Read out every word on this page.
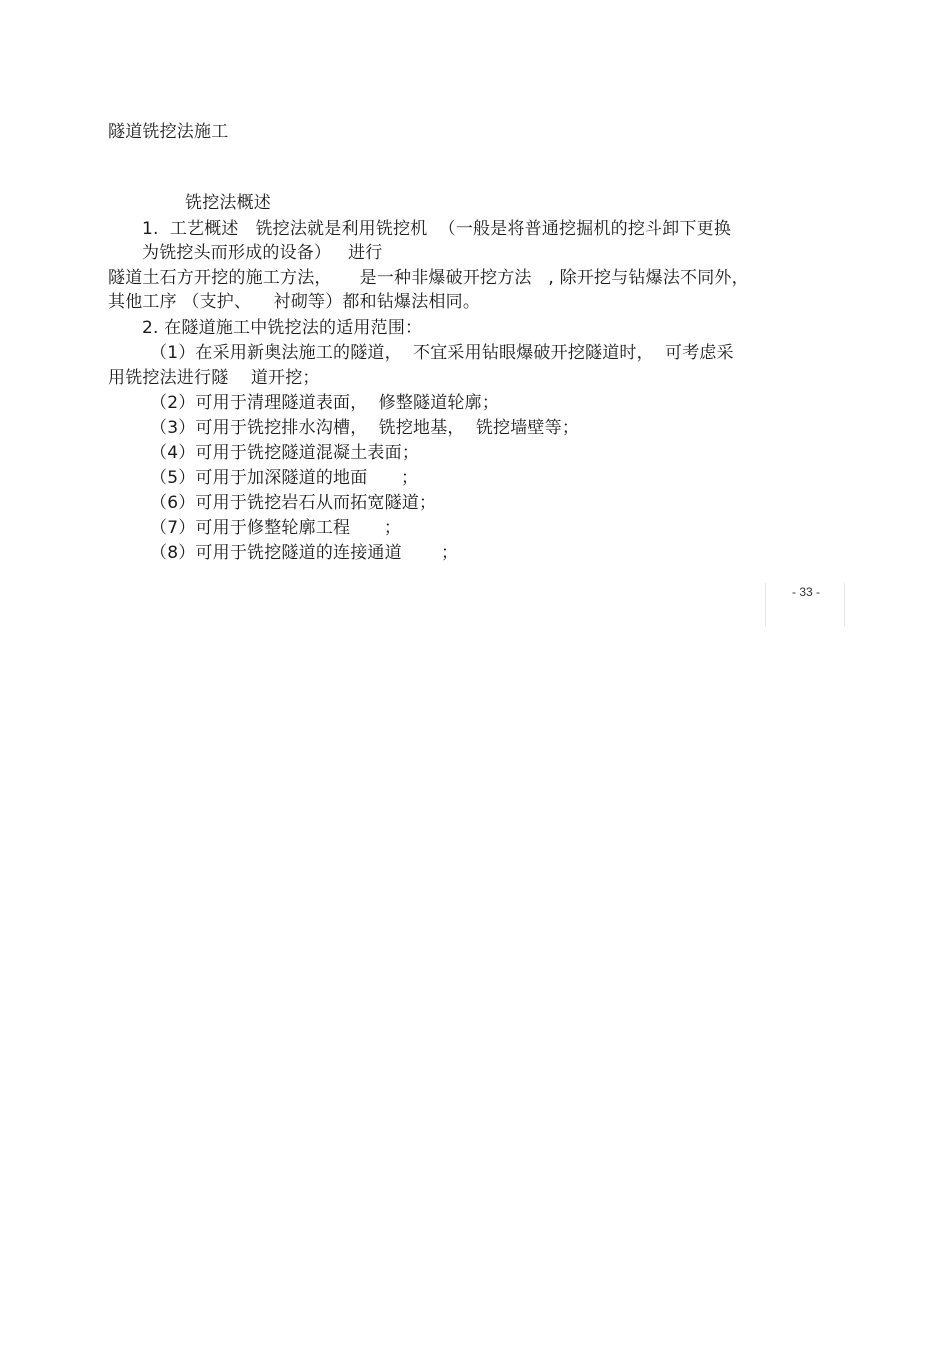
隧道铣挖法施工
铣挖法概述
1.  工艺概述   铣挖法就是利用铣挖机  （一般是将普通挖掘机的挖斗卸下更换
为铣挖头而形成的设备）   进行
隧道土石方开挖的施工方法，     是一种非爆破开挖方法   , 除开挖与钻爆法不同外，
其他工序 （支护、    衬砌等）都和钻爆法相同。
2. 在隧道施工中铣挖法的适用范围：
（1）在采用新奥法施工的隧道，  不宜采用钻眼爆破开挖隧道时，  可考虑采
用铣挖法进行隧    道开挖；
（2）可用于清理隧道表面，  修整隧道轮廓；
（3）可用于铣挖排水沟槽，  铣挖地基，  铣挖墙壁等；
（4）可用于铣挖隧道混凝土表面；
（5）可用于加深隧道的地面      ；
（6）可用于铣挖岩石从而拓宽隧道；
（7）可用于修整轮廓工程      ；
（8）可用于铣挖隧道的连接通道       ；
- 33 -
